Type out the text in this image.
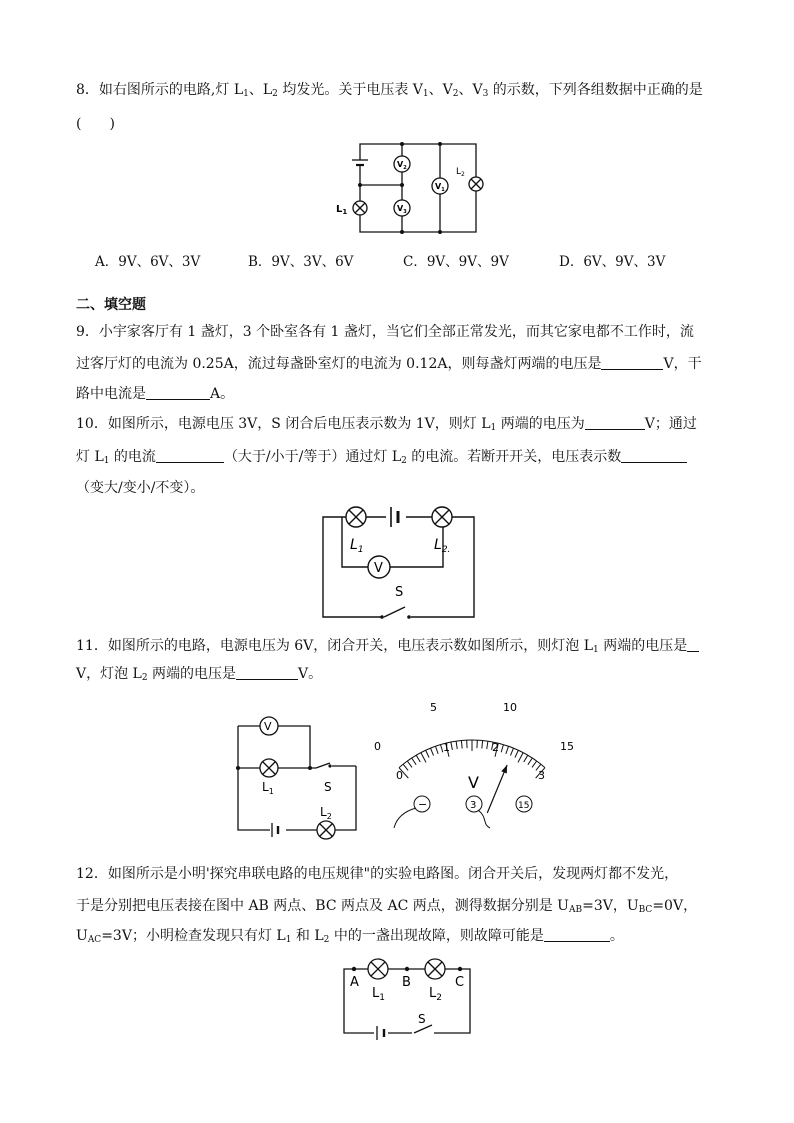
8．如右图所示的电路,灯 $L_1$、$L_2$ 均发光。关于电压表 $V_1$、$V_2$、$V_3$ 的示数，下列各组数据中正确的是
(　　)
$L_1$
$L_2$
$V_2$
$V_3$
$V_1$
A．9V、6V、3V	B．9V、3V、6V	C．9V、9V、9V	D．6V、9V、3V
二、填空题
9．小宇家客厅有 1 盏灯，3 个卧室各有 1 盏灯，当它们全部正常发光，而其它家电都不工作时，流
过客厅灯的电流为 0.25A，流过每盏卧室灯的电流为 0.12A，则每盏灯两端的电压是	V，干
路中电流是	A。
10．如图所示，电源电压 3V，S 闭合后电压表示数为 1V，则灯 $L_1$ 两端的电压为	V；通过
灯 $L_1$ 的电流	（大于/小于/等于）通过灯 $L_2$ 的电流。若断开开关，电压表示数
（变大/变小/不变）。
V
$L_1$	$L_{2.}$
S
11．如图所示的电路，电源电压为 6V，闭合开关，电压表示数如图所示，则灯泡 $L_1$ 两端的电压是
V，灯泡 $L_2$ 两端的电压是	V。
V
$L_1$
$L_2$
S
0
5	10
15
0
1	2
3
V
−	3	15
12．如图所示是小明'探究串联电路的电压规律"的实验电路图。闭合开关后，发现两灯都不发光，
于是分别把电压表接在图中 AB 两点、BC 两点及 AC 两点，测得数据分别是 $U_{AB}=3V$，$U_{BC}=0V$，
$U_{AC}=3V$；小明检查发现只有灯 $L_1$ 和 $L_2$ 中的一盏出现故障，则故障可能是	。
A	B	C
$L_1$	$L_2$
S
